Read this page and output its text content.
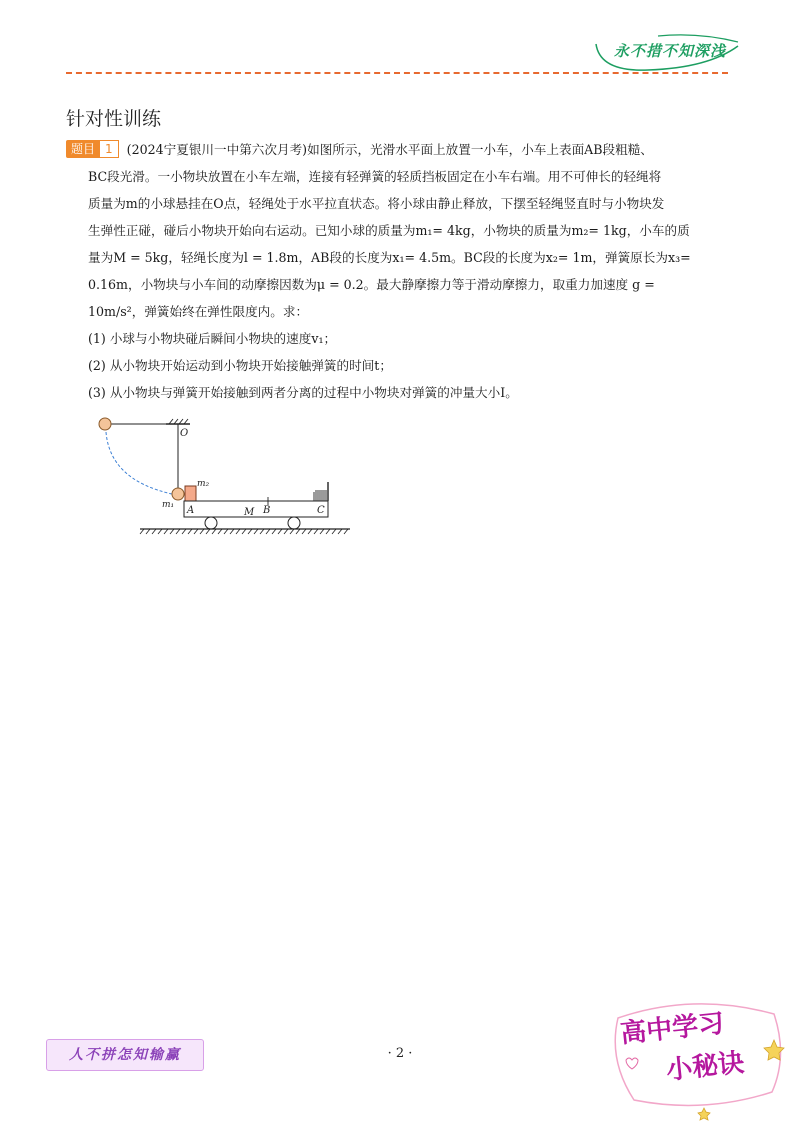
永不措不知深浅
针对性训练

题目 1 (2024宁夏银川一中第六次月考)如图所示，光滑水平面上放置一小车，小车上表面AB段粗糙、

BC段光滑。一小物块放置在小车左端，连接有轻弹簧的轻质挡板固定在小车右端。用不可伸长的轻绳将

质量为m的小球悬挂在O点，轻绳处于水平拉直状态。将小球由静止释放，下摆至轻绳竖直时与小物块发

生弹性正碰，碰后小物块开始向右运动。已知小球的质量为m₁= 4kg，小物块的质量为m₂= 1kg，小车的质

量为M = 5kg，轻绳长度为l = 1.8m，AB段的长度为x₁= 4.5m。BC段的长度为x₂= 1m，弹簧原长为x₃=

0.16m，小物块与小车间的动摩擦因数为μ = 0.2。最大静摩擦力等于滑动摩擦力，取重力加速度 g =

10m/s²，弹簧始终在弹性限度内。求：

(1) 小球与小物块碰后瞬间小物块的速度v₁；

(2) 从小物块开始运动到小物块开始接触弹簧的时间t；

(3) 从小物块与弹簧开始接触到两者分离的过程中小物块对弹簧的冲量大小I。

O
m₁
m₂
A	M B	C
人不拼怎知输赢	· 2 ·
高中学习
小秘诀
